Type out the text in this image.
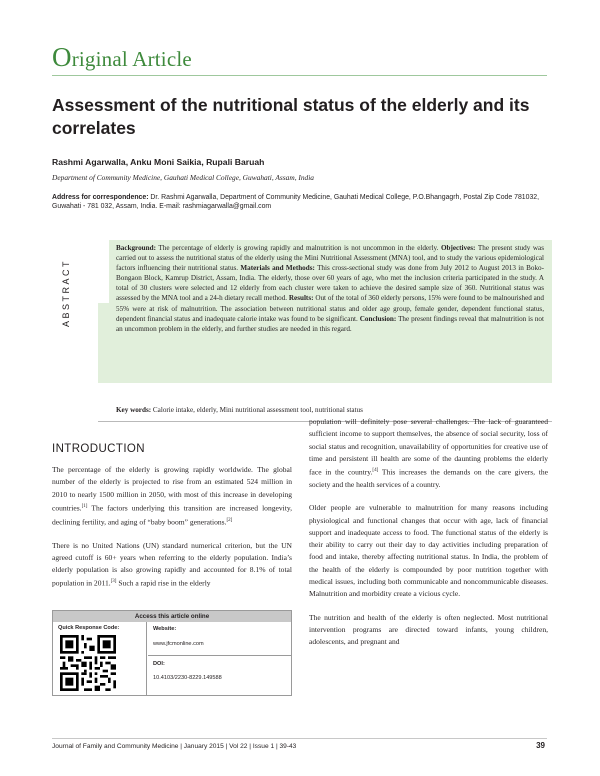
Original Article
Assessment of the nutritional status of the elderly and its correlates
Rashmi Agarwalla, Anku Moni Saikia, Rupali Baruah
Department of Community Medicine, Gauhati Medical College, Guwahati, Assam, India
Address for correspondence: Dr. Rashmi Agarwalla, Department of Community Medicine, Gauhati Medical College, P.O.Bhangagrh, Postal Zip Code 781032, Guwahati - 781 032, Assam, India. E-mail: rashmiagarwalla@gmail.com
ABSTRACT
Background: The percentage of elderly is growing rapidly and malnutrition is not uncommon in the elderly. Objectives: The present study was carried out to assess the nutritional status of the elderly using the Mini Nutritional Assessment (MNA) tool, and to study the various epidemiological factors influencing their nutritional status. Materials and Methods: This cross-sectional study was done from July 2012 to August 2013 in Boko-Bongaon Block, Kamrup District, Assam, India. The elderly, those over 60 years of age, who met the inclusion criteria participated in the study. A total of 30 clusters were selected and 12 elderly from each cluster were taken to achieve the desired sample size of 360. Nutritional status was assessed by the MNA tool and a 24-h dietary recall method. Results: Out of the total of 360 elderly persons, 15% were found to be malnourished and 55% were at risk of malnutrition. The association between nutritional status and older age group, female gender, dependent functional status, dependent financial status and inadequate calorie intake was found to be significant. Conclusion: The present findings reveal that malnutrition is not an uncommon problem in the elderly, and further studies are needed in this regard.
Key words: Calorie intake, elderly, Mini nutritional assessment tool, nutritional status
INTRODUCTION

The percentage of the elderly is growing rapidly worldwide. The global number of the elderly is projected to rise from an estimated 524 million in 2010 to nearly 1500 million in 2050, with most of this increase in developing countries.[1] The factors underlying this transition are increased longevity, declining fertility, and aging of “baby boom” generations.[2]

There is no United Nations (UN) standard numerical criterion, but the UN agreed cutoff is 60+ years when referring to the elderly population. India’s elderly population is also growing rapidly and accounted for 8.1% of total population in 2011.[3] Such a rapid rise in the elderly

population will definitely pose several challenges. The lack of guaranteed sufficient income to support themselves, the absence of social security, loss of social status and recognition, unavailability of opportunities for creative use of time and persistent ill health are some of the daunting problems the elderly face in the country.[4] This increases the demands on the care givers, the society and the health services of a country.

Older people are vulnerable to malnutrition for many reasons including physiological and functional changes that occur with age, lack of financial support and inadequate access to food. The functional status of the elderly is their ability to carry out their day to day activities including preparation of food and intake, thereby affecting nutritional status. In India, the problem of the health of the elderly is compounded by poor nutrition together with medical issues, including both communicable and noncommunicable diseases. Malnutrition and morbidity create a vicious cycle.

The nutrition and health of the elderly is often neglected. Most nutritional intervention programs are directed toward infants, young children, adolescents, and pregnant and

Access this article online
Quick Response Code:	Website:
www.jfcmonline.com
DOI:
10.4103/2230-8229.149588
Journal of Family and Community Medicine | January 2015 | Vol 22 | Issue 1 | 39-43	39
